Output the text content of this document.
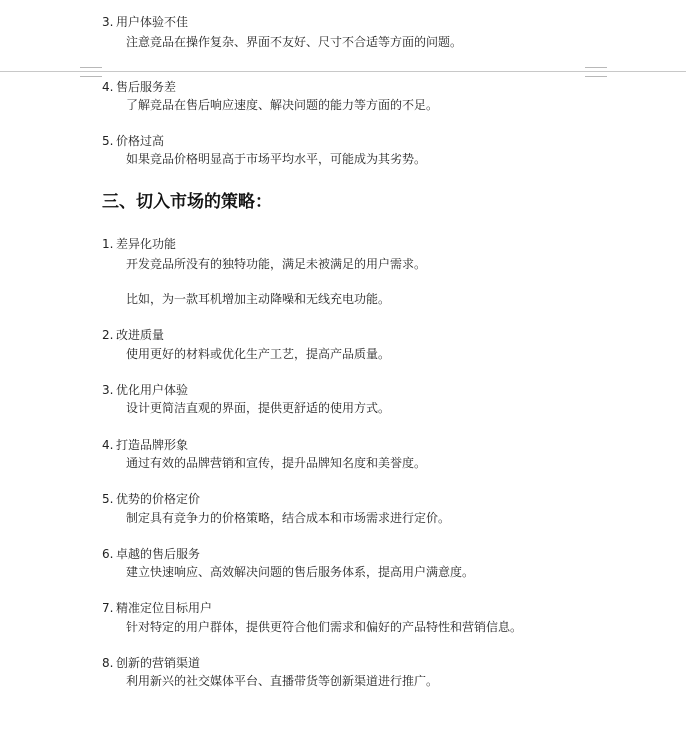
3. 用户体验不佳
注意竞品在操作复杂、界面不友好、尺寸不合适等方面的问题。
4. 售后服务差
了解竞品在售后响应速度、解决问题的能力等方面的不足。
5. 价格过高
如果竞品价格明显高于市场平均水平，可能成为其劣势。
三、切入市场的策略：
1. 差异化功能
开发竞品所没有的独特功能，满足未被满足的用户需求。
比如，为一款耳机增加主动降噪和无线充电功能。
2. 改进质量
使用更好的材料或优化生产工艺，提高产品质量。
3. 优化用户体验
设计更简洁直观的界面，提供更舒适的使用方式。
4. 打造品牌形象
通过有效的品牌营销和宣传，提升品牌知名度和美誉度。
5. 优势的价格定价
制定具有竞争力的价格策略，结合成本和市场需求进行定价。
6. 卓越的售后服务
建立快速响应、高效解决问题的售后服务体系，提高用户满意度。
7. 精准定位目标用户
针对特定的用户群体，提供更符合他们需求和偏好的产品特性和营销信息。
8. 创新的营销渠道
利用新兴的社交媒体平台、直播带货等创新渠道进行推广。
